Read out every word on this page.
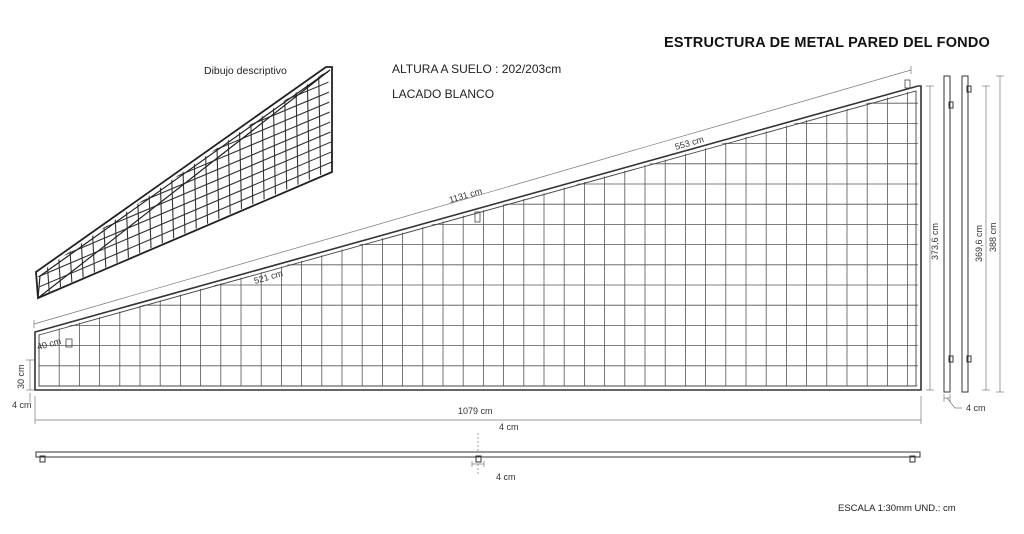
ESTRUCTURA DE METAL PARED DEL FONDO
Dibujo descriptivo	ALTURA A SUELO : 202/203cm
LACADO BLANCO
ESCALA 1:30mm UND.: cm
40 cm
521 cm
1131 cm
553 cm
1079 cm
30 cm
4 cm
373,6 cm	369,6 cm 388 cm
4 cm
4 cm
4 cm
